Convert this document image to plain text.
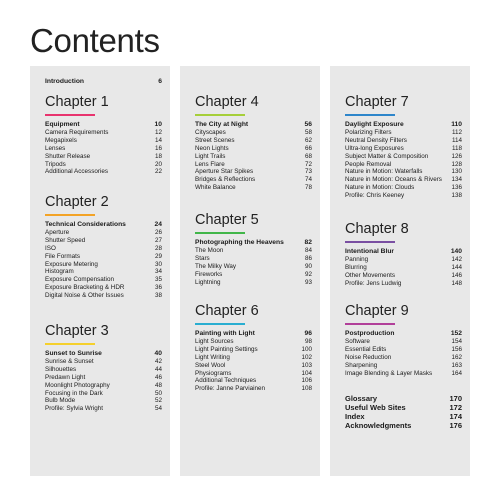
Contents
Introduction	6
Chapter 1
Equipment	10
Camera Requirements	12
Megapixels	14
Lenses	16
Shutter Release	18
Tripods	20
Additional Accessories	22
Chapter 2
Technical Considerations	24
Aperture	26
Shutter Speed	27
ISO	28
File Formats	29
Exposure Metering	30
Histogram	34
Exposure Compensation	35
Exposure Bracketing & HDR	36
Digital Noise & Other Issues	38
Chapter 3
Sunset to Sunrise	40
Sunrise & Sunset	42
Silhouettes	44
Predawn Light	46
Moonlight Photography	48
Focusing in the Dark	50
Bulb Mode	52
Profile: Sylvia Wright	54
Chapter 4
The City at Night	56
Cityscapes	58
Street Scenes	62
Neon Lights	66
Light Trails	68
Lens Flare	72
Aperture Star Spikes	73
Bridges & Reflections	74
White Balance	78
Chapter 5
Photographing the Heavens	82
The Moon	84
Stars	86
The Milky Way	90
Fireworks	92
Lightning	93
Chapter 6
Painting with Light	96
Light Sources	98
Light Painting Settings	100
Light Writing	102
Steel Wool	103
Physiograms	104
Additional Techniques	106
Profile: Janne Parviainen	108
Chapter 7
Daylight Exposure	110
Polarizing Filters	112
Neutral Density Filters	114
Ultra-long Exposures	118
Subject Matter & Composition	126
People Removal	128
Nature in Motion: Waterfalls	130
Nature in Motion: Oceans & Rivers	134
Nature in Motion: Clouds	136
Profile: Chris Keeney	138
Chapter 8
Intentional Blur	140
Panning	142
Blurring	144
Other Movements	146
Profile: Jens Ludwig	148
Chapter 9
Postproduction	152
Software	154
Essential Edits	156
Noise Reduction	162
Sharpening	163
Image Blending & Layer Masks	164
Glossary	170
Useful Web Sites	172
Index	174
Acknowledgments	176
